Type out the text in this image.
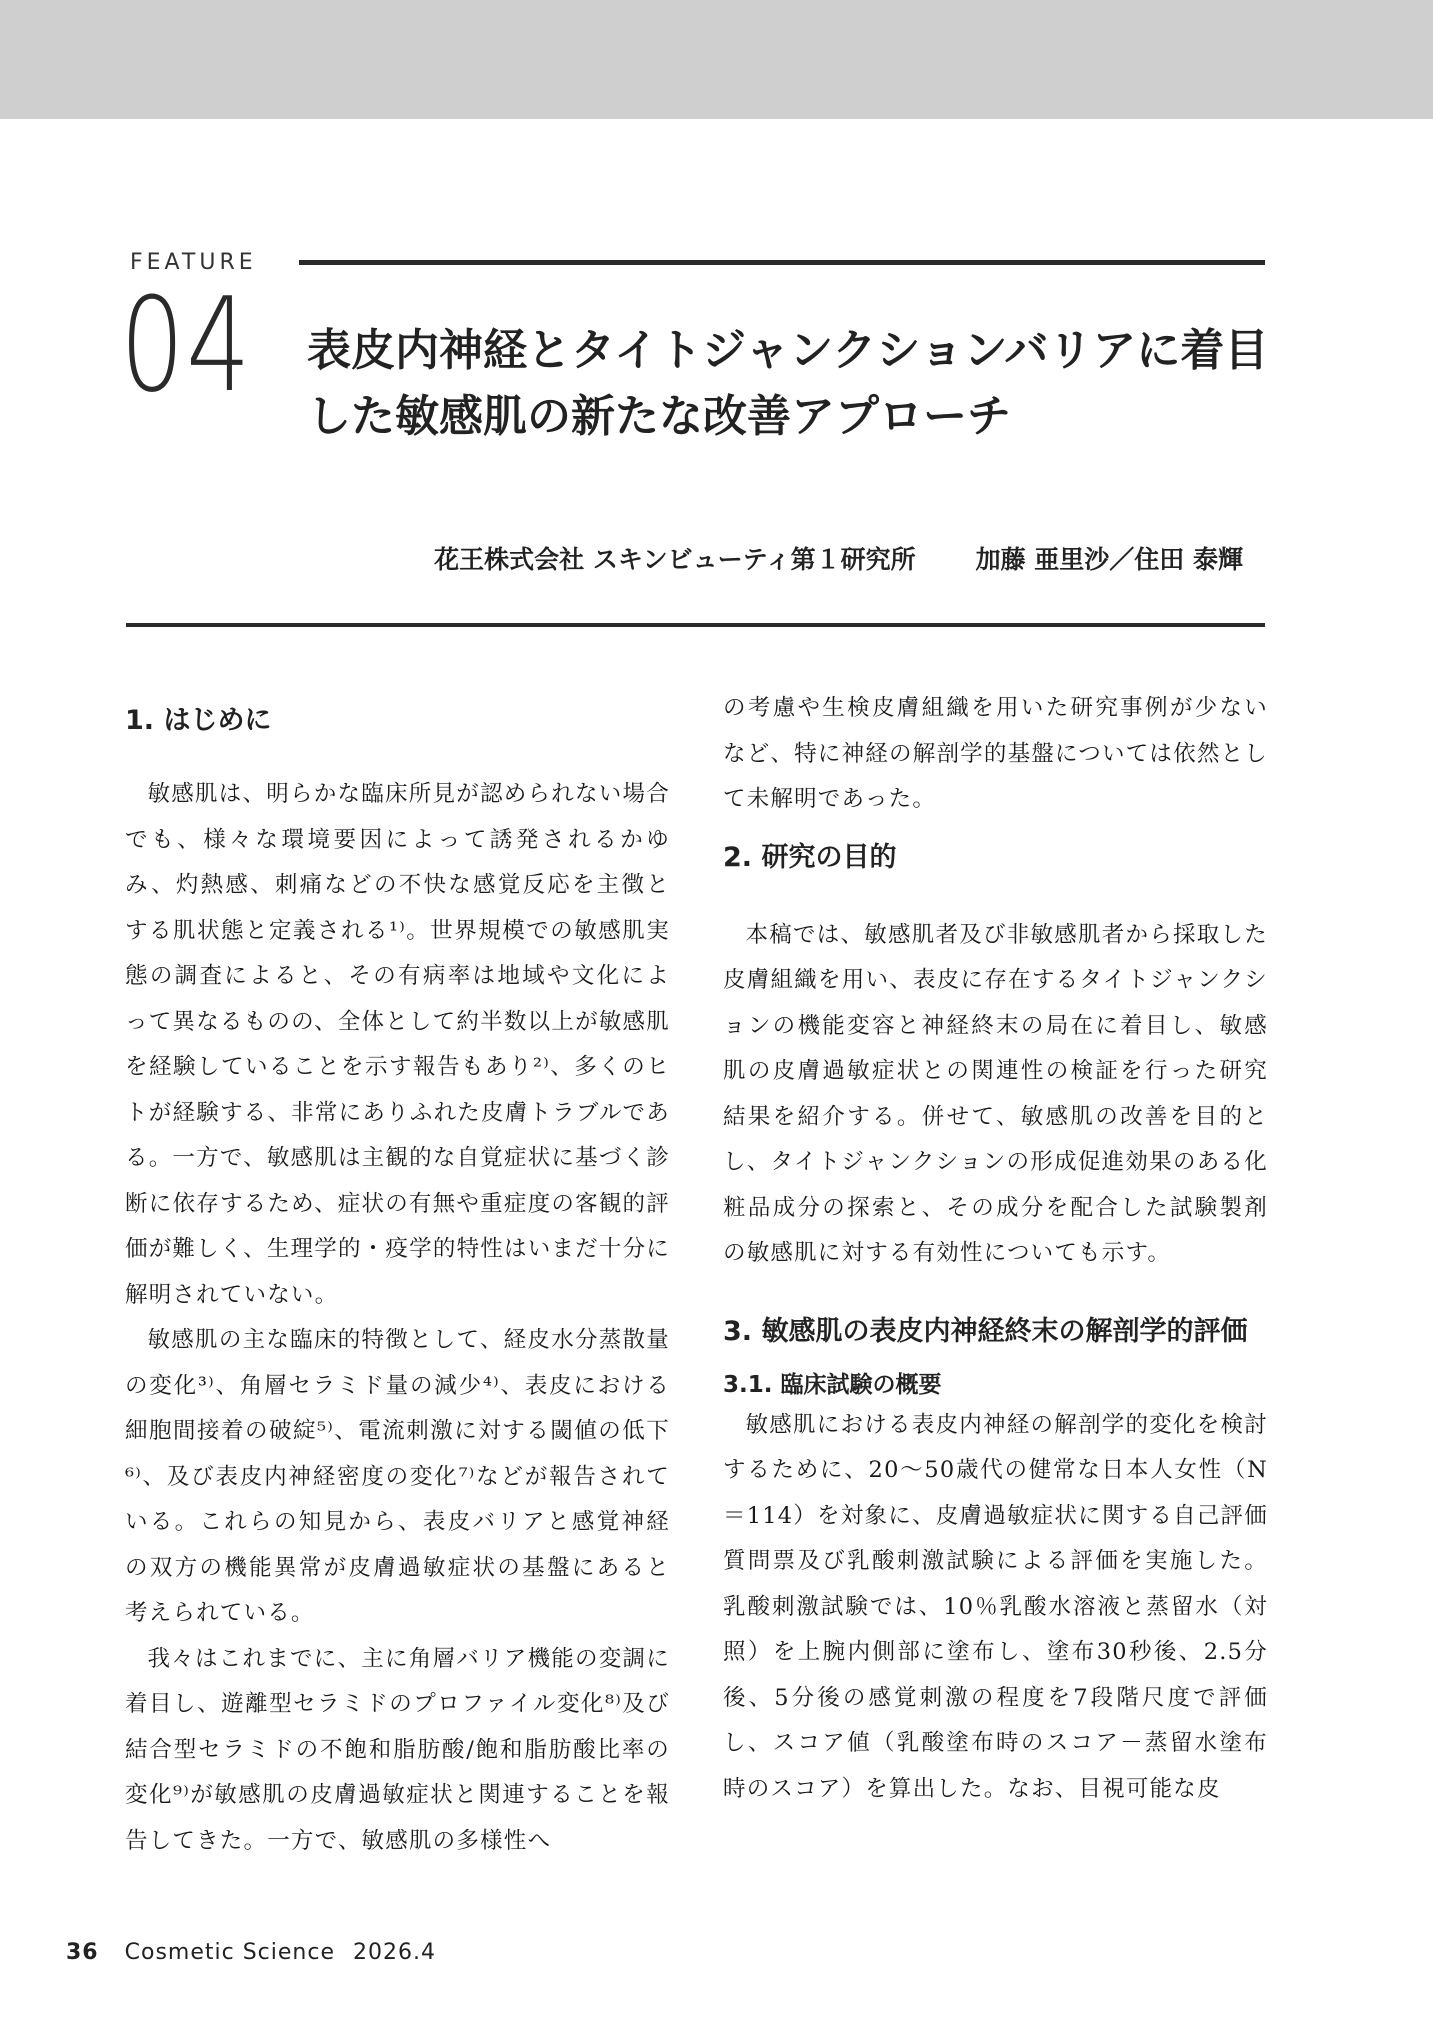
FEATURE
04 表皮内神経とタイトジャンクションバリアに着目
した敏感肌の新たな改善アプローチ
花王株式会社 スキンビューティ第１研究所 加藤 亜里沙／住田 泰輝
1. はじめに
敏感肌は、明らかな臨床所見が認められない場合でも、様々な環境要因によって誘発されるかゆみ、灼熱感、刺痛などの不快な感覚反応を主徴とする肌状態と定義される¹⁾。世界規模での敏感肌実態の調査によると、その有病率は地域や文化によって異なるものの、全体として約半数以上が敏感肌を経験していることを示す報告もあり²⁾、多くのヒトが経験する、非常にありふれた皮膚トラブルである。一方で、敏感肌は主観的な自覚症状に基づく診断に依存するため、症状の有無や重症度の客観的評価が難しく、生理学的・疫学的特性はいまだ十分に解明されていない。
敏感肌の主な臨床的特徴として、経皮水分蒸散量の変化³⁾、角層セラミド量の減少⁴⁾、表皮における細胞間接着の破綻⁵⁾、電流刺激に対する閾値の低下⁶⁾、及び表皮内神経密度の変化⁷⁾などが報告されている。これらの知見から、表皮バリアと感覚神経の双方の機能異常が皮膚過敏症状の基盤にあると考えられている。
我々はこれまでに、主に角層バリア機能の変調に着目し、遊離型セラミドのプロファイル変化⁸⁾及び結合型セラミドの不飽和脂肪酸/飽和脂肪酸比率の変化⁹⁾が敏感肌の皮膚過敏症状と関連することを報告してきた。一方で、敏感肌の多様性へ
の考慮や生検皮膚組織を用いた研究事例が少ないなど、特に神経の解剖学的基盤については依然として未解明であった。
2. 研究の目的
本稿では、敏感肌者及び非敏感肌者から採取した皮膚組織を用い、表皮に存在するタイトジャンクションの機能変容と神経終末の局在に着目し、敏感肌の皮膚過敏症状との関連性の検証を行った研究結果を紹介する。併せて、敏感肌の改善を目的とし、タイトジャンクションの形成促進効果のある化粧品成分の探索と、その成分を配合した試験製剤の敏感肌に対する有効性についても示す。
3. 敏感肌の表皮内神経終末の解剖学的評価
3.1. 臨床試験の概要
敏感肌における表皮内神経の解剖学的変化を検討するために、20～50歳代の健常な日本人女性（N＝114）を対象に、皮膚過敏症状に関する自己評価質問票及び乳酸刺激試験による評価を実施した。乳酸刺激試験では、10％乳酸水溶液と蒸留水（対照）を上腕内側部に塗布し、塗布30秒後、2.5分後、5分後の感覚刺激の程度を7段階尺度で評価し、スコア値（乳酸塗布時のスコア－蒸留水塗布時のスコア）を算出した。なお、目視可能な皮
36 Cosmetic Science 2026.4
